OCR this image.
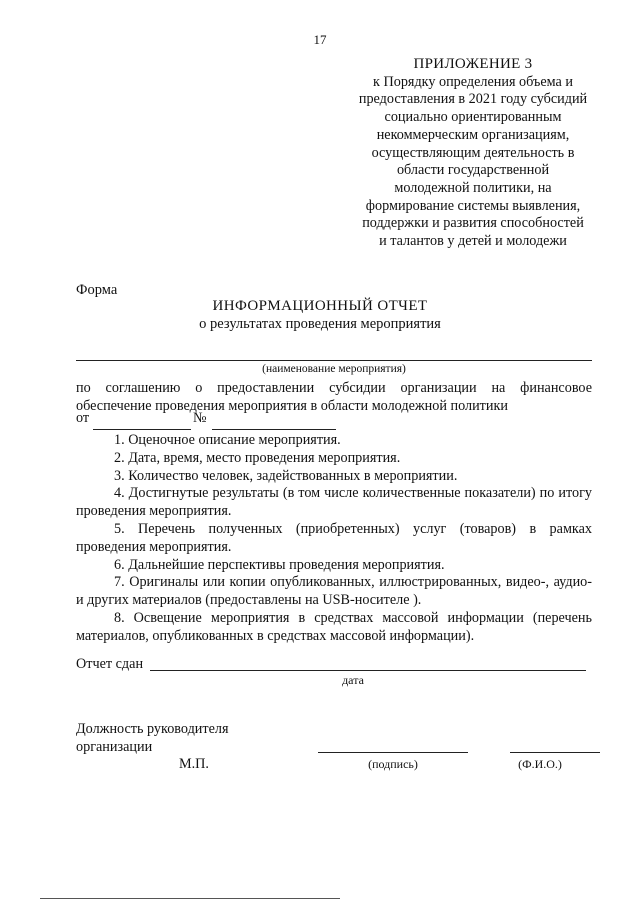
17
ПРИЛОЖЕНИЕ 3
к Порядку определения объема и
предоставления в 2021 году субсидий
социально ориентированным
некоммерческим организациям,
осуществляющим деятельность в
области государственной
молодежной политики, на
формирование системы выявления,
поддержки и развития способностей
и талантов у детей и молодежи
Форма
ИНФОРМАЦИОННЫЙ ОТЧЕТ
о результатах проведения мероприятия
(наименование мероприятия)
по соглашению о предоставлении субсидии организации на финансовое обеспечение проведения мероприятия в области молодежной политики
от	№

1. Оценочное описание мероприятия.

2. Дата, время, место проведения мероприятия.

3. Количество человек, задействованных в мероприятии.

4. Достигнутые результаты (в том числе количественные показатели) по итогу проведения мероприятия.

5. Перечень полученных (приобретенных) услуг (товаров) в рамках проведения мероприятия.

6. Дальнейшие перспективы проведения мероприятия.

7. Оригиналы или копии опубликованных, иллюстрированных, видео-, аудио- и других материалов (предоставлены на USB-носителе ).

8. Освещение мероприятия в средствах массовой информации (перечень материалов, опубликованных в средствах массовой информации).

Отчет сдан
дата
Должность руководителя
организации
М.П.	(подпись)	(Ф.И.О.)
